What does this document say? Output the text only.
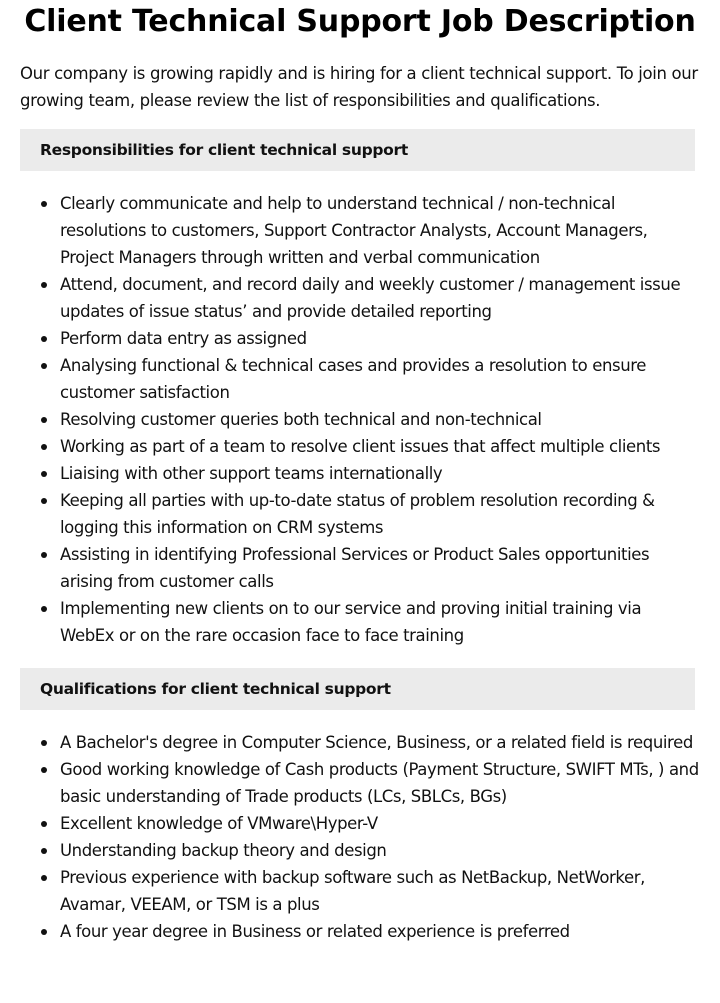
Client Technical Support Job Description

Our company is growing rapidly and is hiring for a client technical support. To join our growing team, please review the list of responsibilities and qualifications.

Responsibilities for client technical support
Clearly communicate and help to understand technical / non-technical resolutions to customers, Support Contractor Analysts, Account Managers, Project Managers through written and verbal communication
Attend, document, and record daily and weekly customer / management issue updates of issue status’ and provide detailed reporting
Perform data entry as assigned
Analysing functional & technical cases and provides a resolution to ensure customer satisfaction
Resolving customer queries both technical and non-technical
Working as part of a team to resolve client issues that affect multiple clients
Liaising with other support teams internationally
Keeping all parties with up-to-date status of problem resolution recording & logging this information on CRM systems
Assisting in identifying Professional Services or Product Sales opportunities arising from customer calls
Implementing new clients on to our service and proving initial training via WebEx or on the rare occasion face to face training
Qualifications for client technical support
A Bachelor's degree in Computer Science, Business, or a related field is required
Good working knowledge of Cash products (Payment Structure, SWIFT MTs, ) and basic understanding of Trade products (LCs, SBLCs, BGs)
Excellent knowledge of VMware\Hyper-V
Understanding backup theory and design
Previous experience with backup software such as NetBackup, NetWorker, Avamar, VEEAM, or TSM is a plus
A four year degree in Business or related experience is preferred
